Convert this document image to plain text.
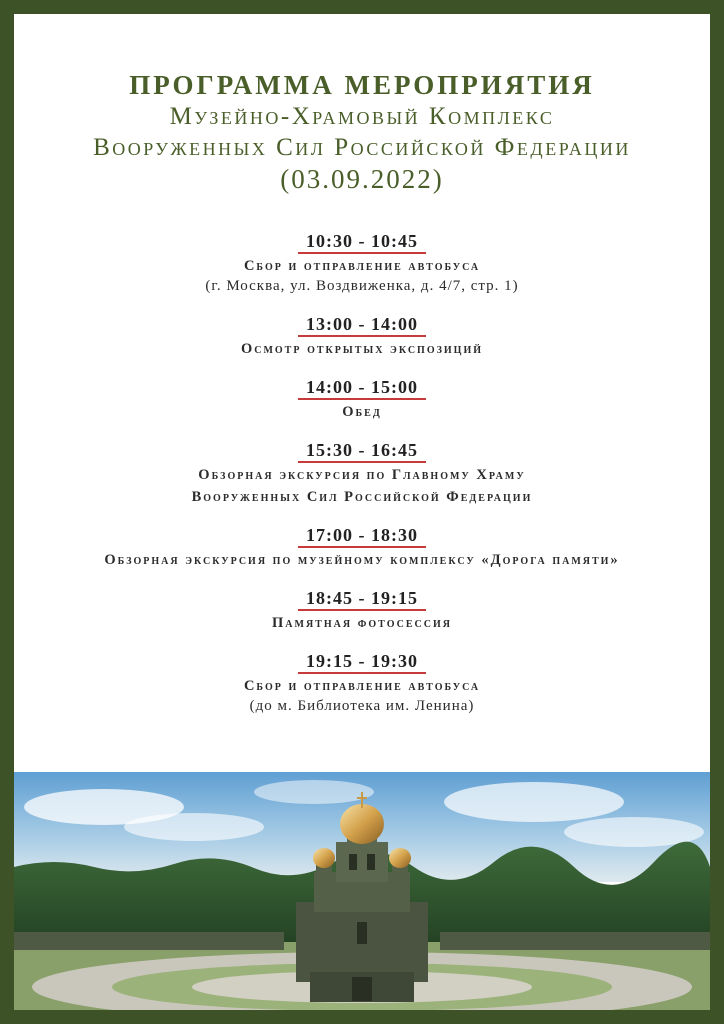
ПРОГРАММА МЕРОПРИЯТИЯ
Музейно-Храмовый Комплекс
Вооруженных Сил Российской Федерации
(03.09.2022)
10:30 - 10:45
Сбор и отправление автобуса
(г. Москва, ул. Воздвиженка, д. 4/7, стр. 1)
13:00 - 14:00
Осмотр открытых экспозиций
14:00 - 15:00
Обед
15:30 - 16:45
Обзорная экскурсия по Главному Храму
Вооруженных Сил Российской Федерации
17:00 - 18:30
Обзорная экскурсия по музейному комплексу «Дорога памяти»
18:45 - 19:15
Памятная фотосессия
19:15 - 19:30
Сбор и отправление автобуса
(до м. Библиотека им. Ленина)
